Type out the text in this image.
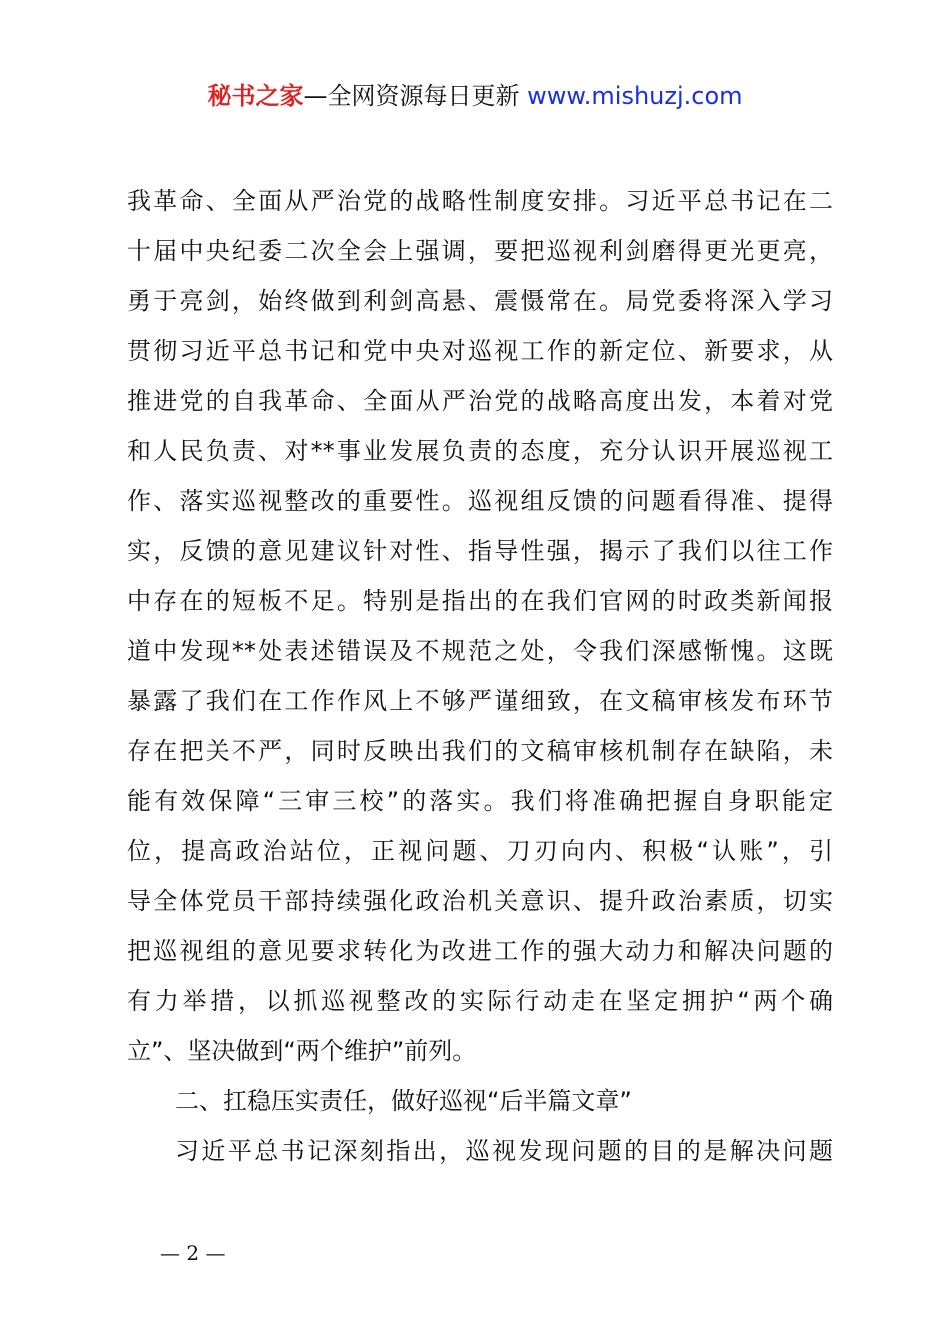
秘书之家—全网资源每日更新 www.mishuzj.com
我革命、全面从严治党的战略性制度安排。习近平总书记在二
十届中央纪委二次全会上强调，要把巡视利剑磨得更光更亮，
勇于亮剑，始终做到利剑高悬、震慑常在。局党委将深入学习
贯彻习近平总书记和党中央对巡视工作的新定位、新要求，从
推进党的自我革命、全面从严治党的战略高度出发，本着对党
和人民负责、对**事业发展负责的态度，充分认识开展巡视工
作、落实巡视整改的重要性。巡视组反馈的问题看得准、提得
实，反馈的意见建议针对性、指导性强，揭示了我们以往工作
中存在的短板不足。特别是指出的在我们官网的时政类新闻报
道中发现**处表述错误及不规范之处，令我们深感惭愧。这既
暴露了我们在工作作风上不够严谨细致，在文稿审核发布环节
存在把关不严，同时反映出我们的文稿审核机制存在缺陷，未
能有效保障“三审三校”的落实。我们将准确把握自身职能定
位，提高政治站位，正视问题、刀刃向内、积极“认账”，引
导全体党员干部持续强化政治机关意识、提升政治素质，切实
把巡视组的意见要求转化为改进工作的强大动力和解决问题的
有力举措，以抓巡视整改的实际行动走在坚定拥护“两个确
立”、坚决做到“两个维护”前列。
二、扛稳压实责任，做好巡视“后半篇文章”
习近平总书记深刻指出，巡视发现问题的目的是解决问题
— 2 —
